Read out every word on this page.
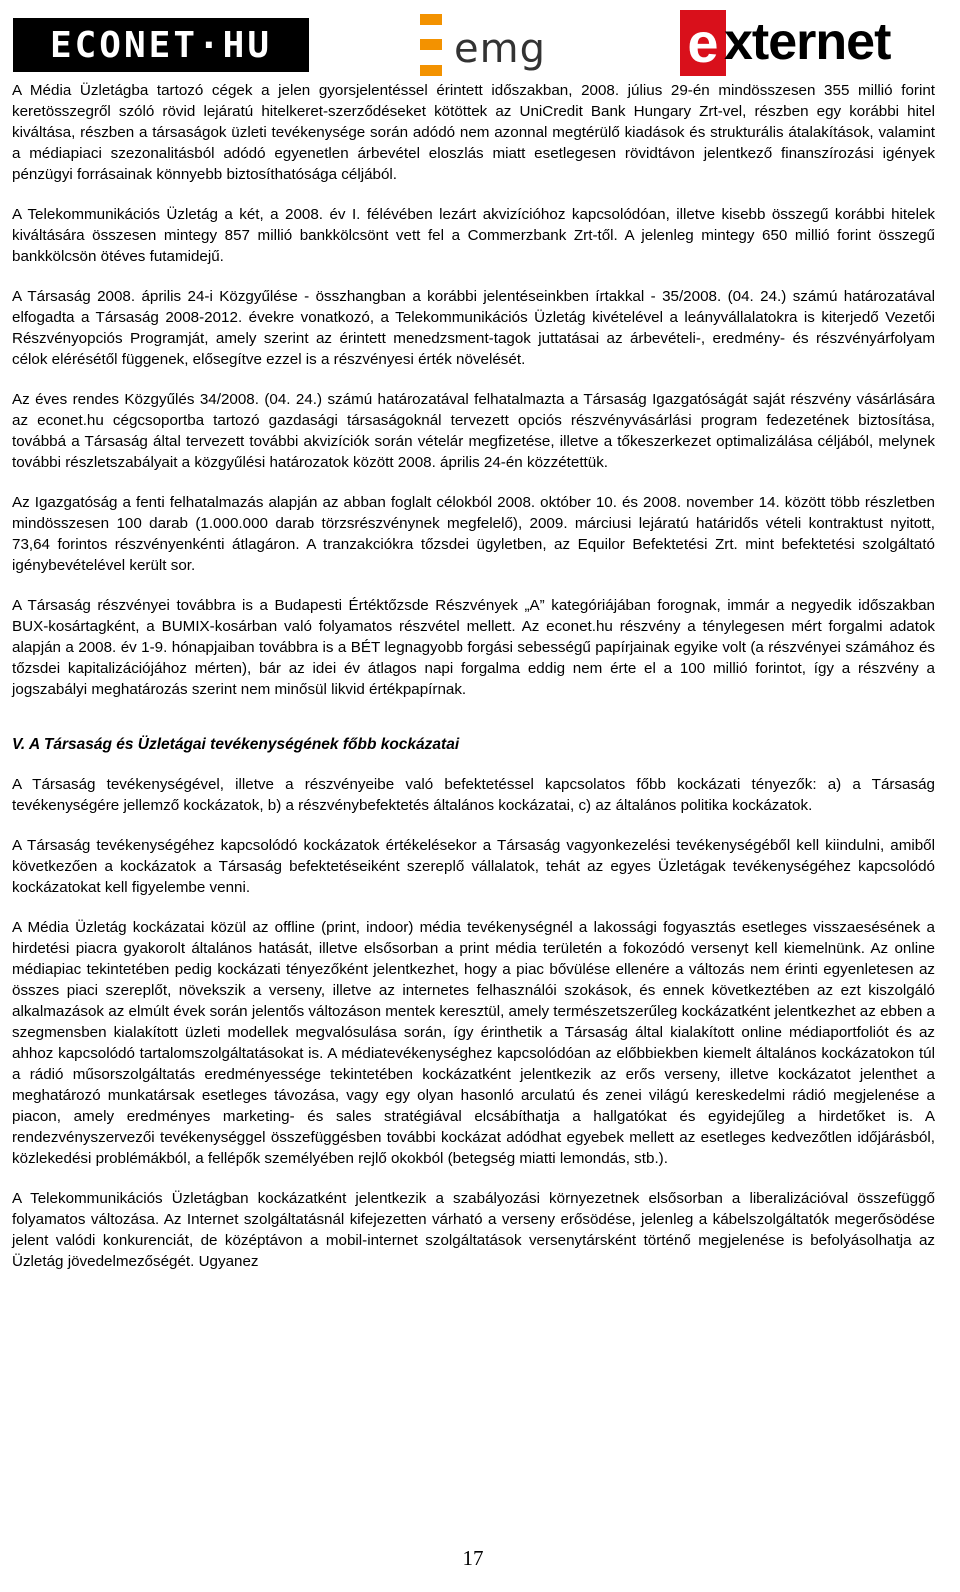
ECONET·HU	emg	e xternet

A Média Üzletágba tartozó cégek a jelen gyorsjelentéssel érintett időszakban, 2008. július 29-én mindösszesen 355 millió forint keretösszegről szóló rövid lejáratú hitelkeret-szerződéseket kötöttek az UniCredit Bank Hungary Zrt-vel, részben egy korábbi hitel kiváltása, részben a társaságok üzleti tevékenysége során adódó nem azonnal megtérülő kiadások és strukturális átalakítások, valamint a médiapiaci szezonalitásból adódó egyenetlen árbevétel eloszlás miatt esetlegesen rövidtávon jelentkező finanszírozási igények pénzügyi forrásainak könnyebb biztosíthatósága céljából.

A Telekommunikációs Üzletág a két, a 2008. év I. félévében lezárt akvizícióhoz kapcsolódóan, illetve kisebb összegű korábbi hitelek kiváltására összesen mintegy 857 millió bankkölcsönt vett fel a Commerzbank Zrt-től. A jelenleg mintegy 650 millió forint összegű bankkölcsön ötéves futamidejű.

A Társaság 2008. április 24-i Közgyűlése - összhangban a korábbi jelentéseinkben írtakkal - 35/2008. (04. 24.) számú határozatával elfogadta a Társaság 2008-2012. évekre vonatkozó, a Telekommunikációs Üzletág kivételével a leányvállalatokra is kiterjedő Vezetői Részvényopciós Programját, amely szerint az érintett menedzsment-tagok juttatásai az árbevételi-, eredmény- és részvényárfolyam célok elérésétől függenek, elősegítve ezzel is a részvényesi érték növelését.

Az éves rendes Közgyűlés 34/2008. (04. 24.) számú határozatával felhatalmazta a Társaság Igazgatóságát saját részvény vásárlására az econet.hu cégcsoportba tartozó gazdasági társaságoknál tervezett opciós részvényvásárlási program fedezetének biztosítása, továbbá a Társaság által tervezett további akvizíciók során vételár megfizetése, illetve a tőkeszerkezet optimalizálása céljából, melynek további részletszabályait a közgyűlési határozatok között 2008. április 24-én közzétettük.

Az Igazgatóság a fenti felhatalmazás alapján az abban foglalt célokból 2008. október 10. és 2008. november 14. között több részletben mindösszesen 100 darab (1.000.000 darab törzsrészvénynek megfelelő), 2009. márciusi lejáratú határidős vételi kontraktust nyitott, 73,64 forintos részvényenkénti átlagáron. A tranzakciókra tőzsdei ügyletben, az Equilor Befektetési Zrt. mint befektetési szolgáltató igénybevételével került sor.

A Társaság részvényei továbbra is a Budapesti Értéktőzsde Részvények „A” kategóriájában forognak, immár a negyedik időszakban BUX-kosártagként, a BUMIX-kosárban való folyamatos részvétel mellett. Az econet.hu részvény a ténylegesen mért forgalmi adatok alapján a 2008. év 1-9. hónapjaiban továbbra is a BÉT legnagyobb forgási sebességű papírjainak egyike volt (a részvényei számához és tőzsdei kapitalizációjához mérten), bár az idei év átlagos napi forgalma eddig nem érte el a 100 millió forintot, így a részvény a jogszabályi meghatározás szerint nem minősül likvid értékpapírnak.

V. A Társaság és Üzletágai tevékenységének főbb kockázatai

A Társaság tevékenységével, illetve a részvényeibe való befektetéssel kapcsolatos főbb kockázati tényezők: a) a Társaság tevékenységére jellemző kockázatok, b) a részvénybefektetés általános kockázatai, c) az általános politika kockázatok.

A Társaság tevékenységéhez kapcsolódó kockázatok értékelésekor a Társaság vagyonkezelési tevékenységéből kell kiindulni, amiből következően a kockázatok a Társaság befektetéseiként szereplő vállalatok, tehát az egyes Üzletágak tevékenységéhez kapcsolódó kockázatokat kell figyelembe venni.

A Média Üzletág kockázatai közül az offline (print, indoor) média tevékenységnél a lakossági fogyasztás esetleges visszaesésének a hirdetési piacra gyakorolt általános hatását, illetve elsősorban a print média területén a fokozódó versenyt kell kiemelnünk. Az online médiapiac tekintetében pedig kockázati tényezőként jelentkezhet, hogy a piac bővülése ellenére a változás nem érinti egyenletesen az összes piaci szereplőt, növekszik a verseny, illetve az internetes felhasználói szokások, és ennek következtében az ezt kiszolgáló alkalmazások az elmúlt évek során jelentős változáson mentek keresztül, amely természetszerűleg kockázatként jelentkezhet az ebben a szegmensben kialakított üzleti modellek megvalósulása során, így érinthetik a Társaság által kialakított online médiaportfoliót és az ahhoz kapcsolódó tartalomszolgáltatásokat is. A médiatevékenységhez kapcsolódóan az előbbiekben kiemelt általános kockázatokon túl a rádió műsorszolgáltatás eredményessége tekintetében kockázatként jelentkezik az erős verseny, illetve kockázatot jelenthet a meghatározó munkatársak esetleges távozása, vagy egy olyan hasonló arculatú és zenei világú kereskedelmi rádió megjelenése a piacon, amely eredményes marketing- és sales stratégiával elcsábíthatja a hallgatókat és egyidejűleg a hirdetőket is. A rendezvényszervezői tevékenységgel összefüggésben további kockázat adódhat egyebek mellett az esetleges kedvezőtlen időjárásból, közlekedési problémákból, a fellépők személyében rejlő okokból (betegség miatti lemondás, stb.).

A Telekommunikációs Üzletágban kockázatként jelentkezik a szabályozási környezetnek elsősorban a liberalizációval összefüggő folyamatos változása. Az Internet szolgáltatásnál kifejezetten várható a verseny erősödése, jelenleg a kábelszolgáltatók megerősödése jelent valódi konkurenciát, de középtávon a mobil-internet szolgáltatások versenytársként történő megjelenése is befolyásolhatja az Üzletág jövedelmezőségét. Ugyanez

17
